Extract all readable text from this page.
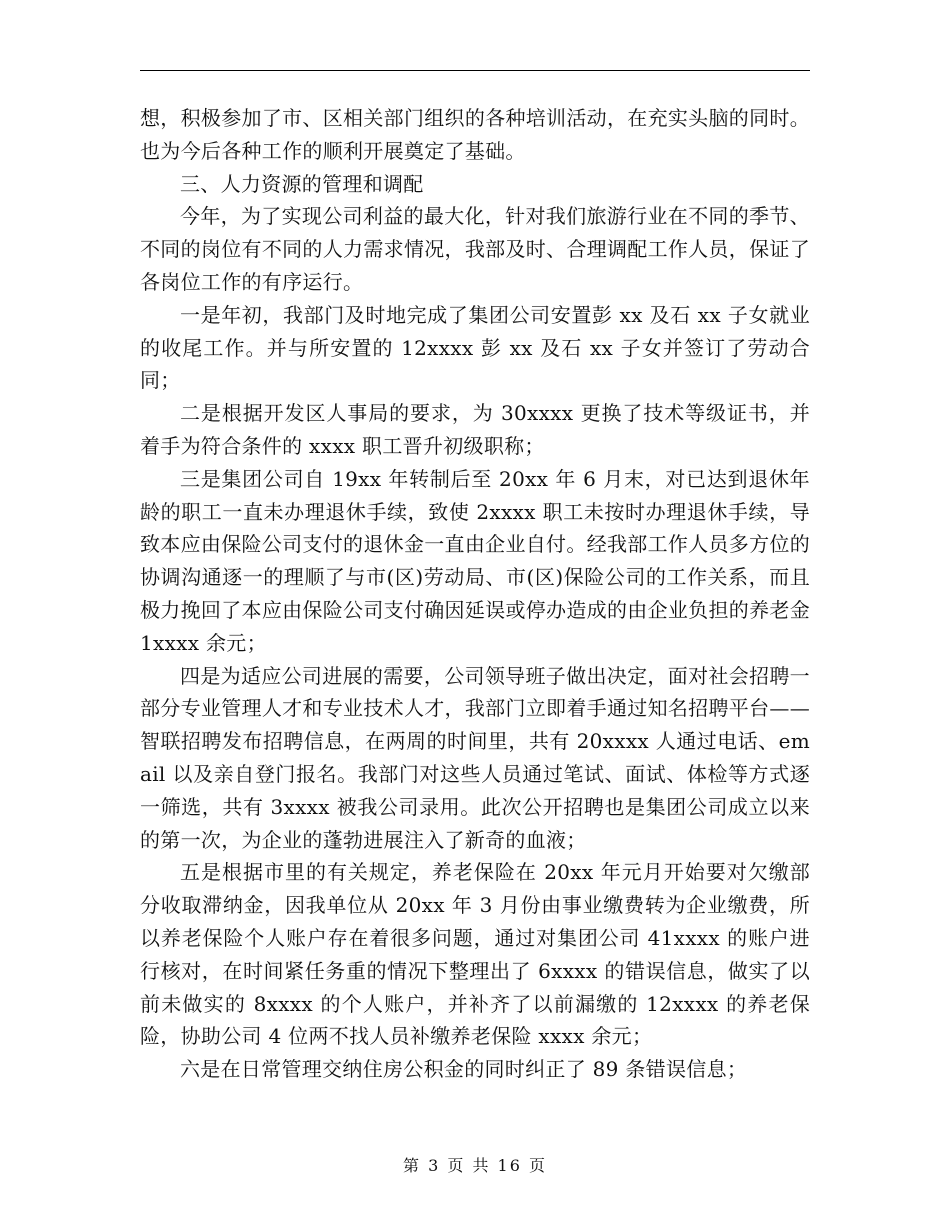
想，积极参加了市、区相关部门组织的各种培训活动，在充实头脑的同时。也为今后各种工作的顺利开展奠定了基础。

三、人力资源的管理和调配

今年，为了实现公司利益的最大化，针对我们旅游行业在不同的季节、不同的岗位有不同的人力需求情况，我部及时、合理调配工作人员，保证了各岗位工作的有序运行。

一是年初，我部门及时地完成了集团公司安置彭 xx 及石 xx 子女就业的收尾工作。并与所安置的 12xxxx 彭 xx 及石 xx 子女并签订了劳动合同；

二是根据开发区人事局的要求，为 30xxxx 更换了技术等级证书，并着手为符合条件的 xxxx 职工晋升初级职称；

三是集团公司自 19xx 年转制后至 20xx 年 6 月末，对已达到退休年龄的职工一直未办理退休手续，致使 2xxxx 职工未按时办理退休手续，导致本应由保险公司支付的退休金一直由企业自付。经我部工作人员多方位的协调沟通逐一的理顺了与市(区)劳动局、市(区)保险公司的工作关系，而且极力挽回了本应由保险公司支付确因延误或停办造成的由企业负担的养老金 1xxxx 余元；

四是为适应公司进展的需要，公司领导班子做出决定，面对社会招聘一部分专业管理人才和专业技术人才，我部门立即着手通过知名招聘平台——智联招聘发布招聘信息，在两周的时间里，共有 20xxxx 人通过电话、email 以及亲自登门报名。我部门对这些人员通过笔试、面试、体检等方式逐一筛选，共有 3xxxx 被我公司录用。此次公开招聘也是集团公司成立以来的第一次，为企业的蓬勃进展注入了新奇的血液；

五是根据市里的有关规定，养老保险在 20xx 年元月开始要对欠缴部分收取滞纳金，因我单位从 20xx 年 3 月份由事业缴费转为企业缴费，所以养老保险个人账户存在着很多问题，通过对集团公司 41xxxx 的账户进行核对，在时间紧任务重的情况下整理出了 6xxxx 的错误信息，做实了以前未做实的 8xxxx 的个人账户，并补齐了以前漏缴的 12xxxx 的养老保险，协助公司 4 位两不找人员补缴养老保险 xxxx 余元；

六是在日常管理交纳住房公积金的同时纠正了 89 条错误信息；

第 3 页 共 16 页
